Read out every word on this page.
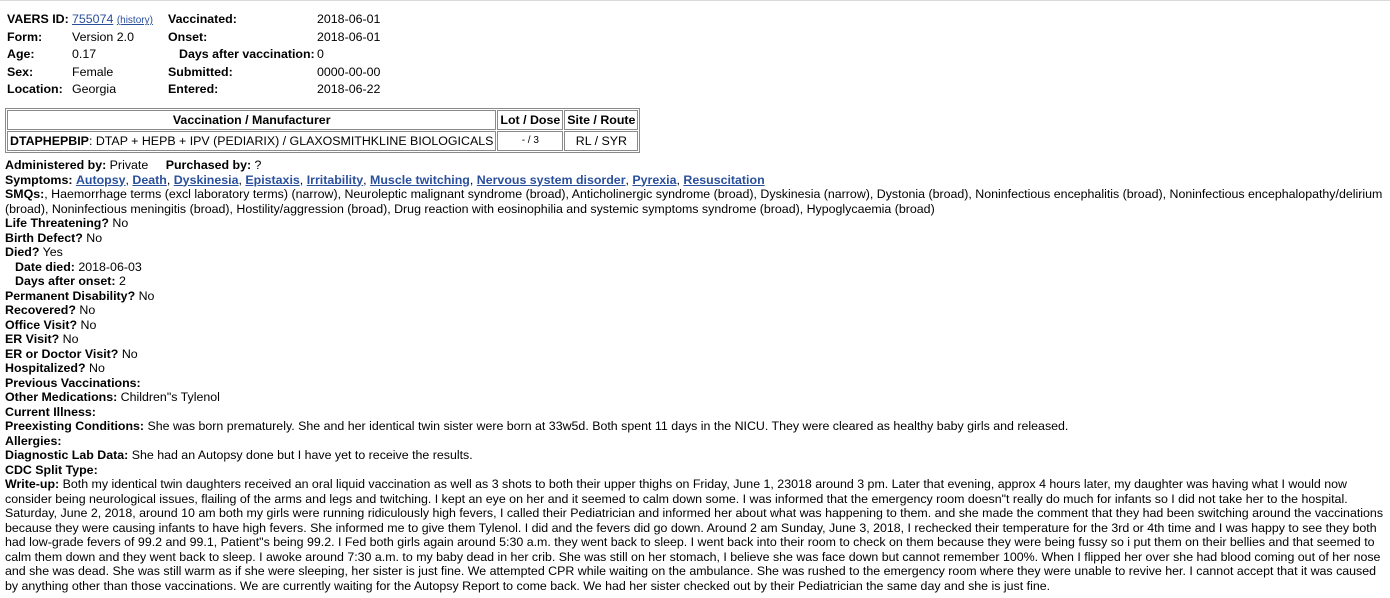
VAERS ID: 755074 (history) Vaccinated:	2018-06-01
Form: Version 2.0	Onset:	2018-06-01
Age:	0.17	Days after vaccination: 0
Sex:	Female	Submitted:	0000-00-00
Location: Georgia	Entered:	2018-06-22
Vaccination / Manufacturer	Lot / Dose	Site / Route
DTAPHEPBIP: DTAP + HEPB + IPV (PEDIARIX) / GLAXOSMITHKLINE BIOLOGICALS	- / 3	RL / SYR
Administered by: Private Purchased by: ?
Symptoms: Autopsy, Death, Dyskinesia, Epistaxis, Irritability, Muscle twitching, Nervous system disorder, Pyrexia, Resuscitation
SMQs:, Haemorrhage terms (excl laboratory terms) (narrow), Neuroleptic malignant syndrome (broad), Anticholinergic syndrome (broad), Dyskinesia (narrow), Dystonia (broad), Noninfectious encephalitis (broad), Noninfectious encephalopathy/delirium (broad), Noninfectious meningitis (broad), Hostility/aggression (broad), Drug reaction with eosinophilia and systemic symptoms syndrome (broad), Hypoglycaemia (broad)
Life Threatening? No
Birth Defect? No
Died? Yes
Date died: 2018-06-03
Days after onset: 2
Permanent Disability? No
Recovered? No
Office Visit? No
ER Visit? No
ER or Doctor Visit? No
Hospitalized? No
Previous Vaccinations:
Other Medications: Children"s Tylenol
Current Illness:
Preexisting Conditions: She was born prematurely. She and her identical twin sister were born at 33w5d. Both spent 11 days in the NICU. They were cleared as healthy baby girls and released.
Allergies:
Diagnostic Lab Data: She had an Autopsy done but I have yet to receive the results.
CDC Split Type:
Write-up: Both my identical twin daughters received an oral liquid vaccination as well as 3 shots to both their upper thighs on Friday, June 1, 23018 around 3 pm. Later that evening, approx 4 hours later, my daughter was having what I would now consider being neurological issues, flailing of the arms and legs and twitching. I kept an eye on her and it seemed to calm down some. I was informed that the emergency room doesn"t really do much for infants so I did not take her to the hospital. Saturday, June 2, 2018, around 10 am both my girls were running ridiculously high fevers, I called their Pediatrician and informed her about what was happening to them. and she made the comment that they had been switching around the vaccinations because they were causing infants to have high fevers. She informed me to give them Tylenol. I did and the fevers did go down. Around 2 am Sunday, June 3, 2018, I rechecked their temperature for the 3rd or 4th time and I was happy to see they both had low-grade fevers of 99.2 and 99.1, Patient"s being 99.2. I Fed both girls again around 5:30 a.m. they went back to sleep. I went back into their room to check on them because they were being fussy so i put them on their bellies and that seemed to calm them down and they went back to sleep. I awoke around 7:30 a.m. to my baby dead in her crib. She was still on her stomach, I believe she was face down but cannot remember 100%. When I flipped her over she had blood coming out of her nose and she was dead. She was still warm as if she were sleeping, her sister is just fine. We attempted CPR while waiting on the ambulance. She was rushed to the emergency room where they were unable to revive her. I cannot accept that it was caused by anything other than those vaccinations. We are currently waiting for the Autopsy Report to come back. We had her sister checked out by their Pediatrician the same day and she is just fine.
